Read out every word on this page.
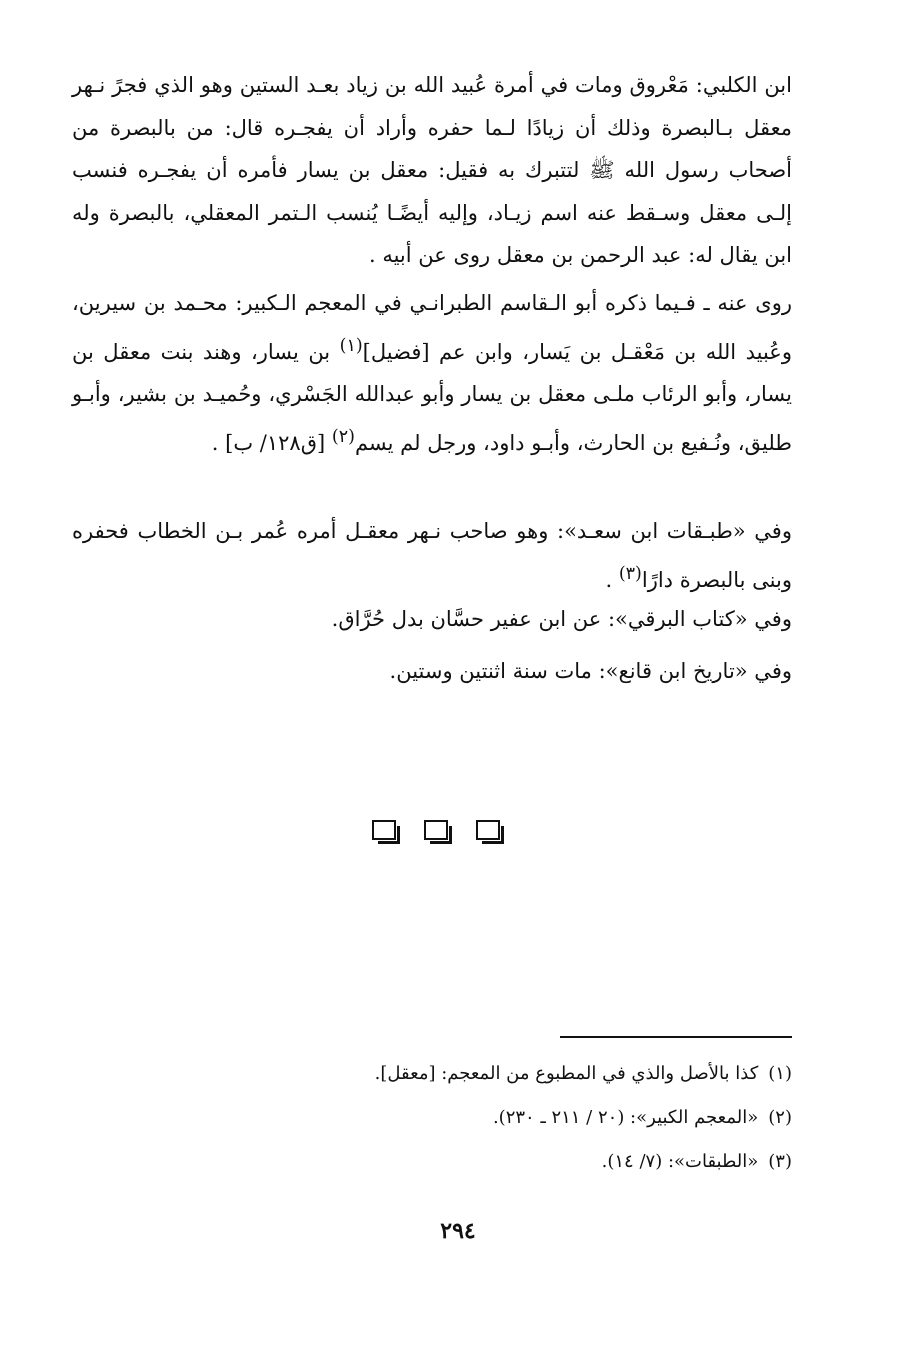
ابن الكلبي: مَعْروق ومات في أمرة عُبيد الله بن زياد بعـد الستين وهو الذي فجرً نـهر معقل بـالبصرة وذلك أن زيادًا لـما حفره وأراد أن يفجـره قال: من بالبصرة من أصحاب رسول الله ﷺ لتتبرك به فقيل: معقل بن يسار فأمره أن يفجـره فنسب إلـى معقل وسـقط عنه اسم زيـاد، وإليه أيضًـا يُنسب الـتمر المعقلي، بالبصرة وله ابن يقال له: عبد الرحمن بن معقل روى عن أبيه .

روى عنه ـ فـيما ذكره أبو الـقاسم الطبرانـي في المعجم الـكبير: محـمد بن سيرين، وعُبيد الله بن مَعْقـل بن يَسار، وابن عم [فضيل]$^{(١)}$ بن يسار، وهند بنت معقل بن يسار، وأبو الرئاب ملـى معقل بن يسار وأبو عبدالله الجَسْري، وحُميـد بن بشير، وأبـو طليق، ونُـفيع بن الحارث، وأبـو داود، ورجل لم يسم$^{(٢)}$ [ق١٢٨/ ب] .

وفي «طبـقات ابن سعـد»: وهو صاحب نـهر معقـل أمره عُمر بـن الخطاب فحفره وبنى بالبصرة دارًا$^{(٣)}$ .

وفي «كتاب البرقي»: عن ابن عفير حسَّان بدل حُرَّاق.

وفي «تاريخ ابن قانع»: مات سنة اثنتين وستين.

(١)كذا بالأصل والذي في المطبوع من المعجم: [معقل].

(٢)«المعجم الكبير»: (٢٠ / ٢١١ ـ ٢٣٠).

(٣)«الطبقات»: (٧/ ١٤).

٢٩٤
